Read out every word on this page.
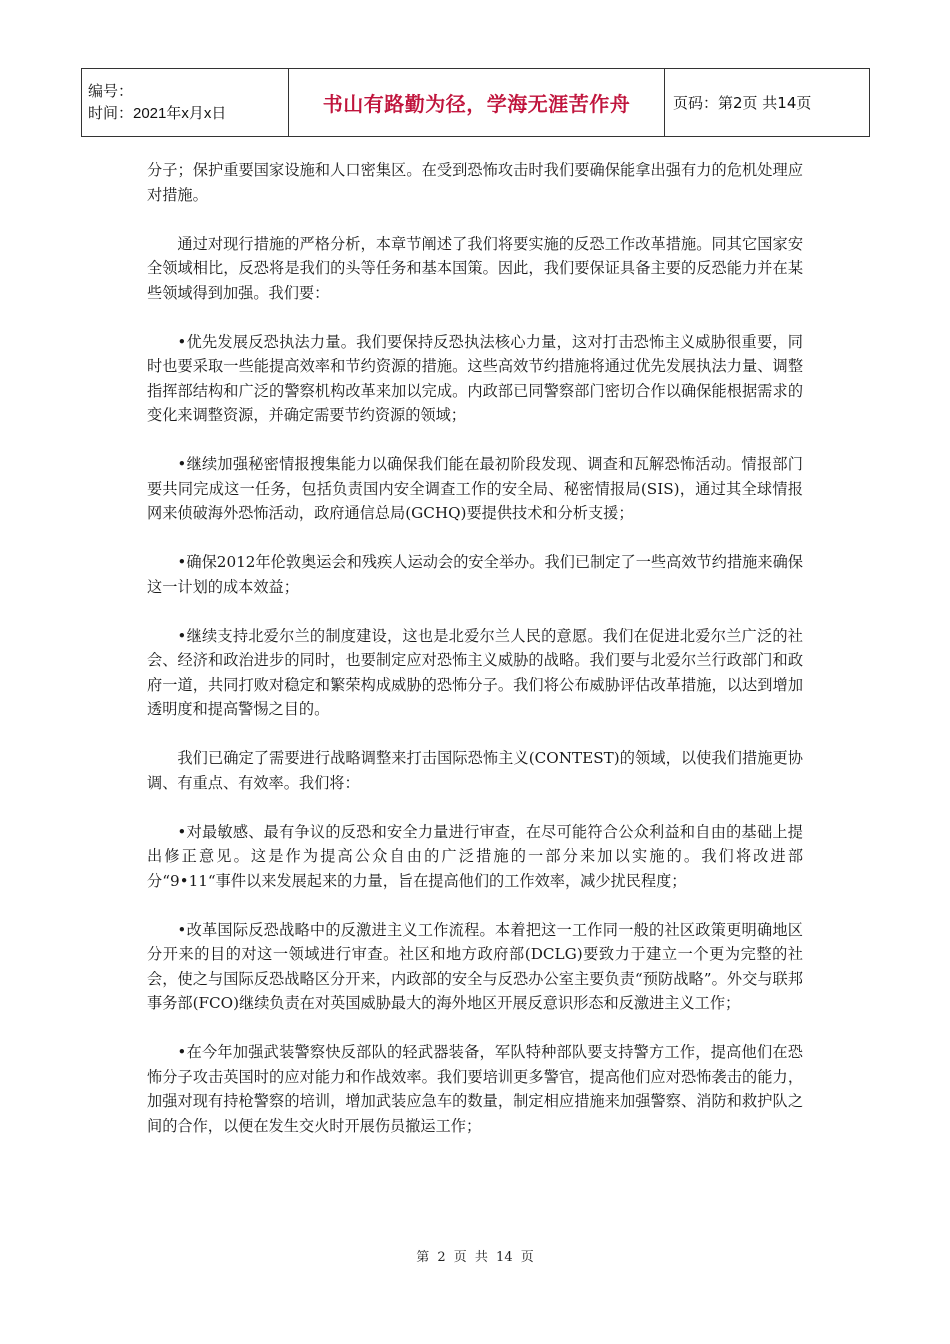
编号：
时间：2021年x月x日	书山有路勤为径，学海无涯苦作舟	页码：第2页 共14页

分子；保护重要国家设施和人口密集区。在受到恐怖攻击时我们要确保能拿出强有力的危机处理应对措施。

通过对现行措施的严格分析，本章节阐述了我们将要实施的反恐工作改革措施。同其它国家安全领域相比，反恐将是我们的头等任务和基本国策。因此，我们要保证具备主要的反恐能力并在某些领域得到加强。我们要：

•优先发展反恐执法力量。我们要保持反恐执法核心力量，这对打击恐怖主义威胁很重要，同时也要采取一些能提高效率和节约资源的措施。这些高效节约措施将通过优先发展执法力量、调整指挥部结构和广泛的警察机构改革来加以完成。内政部已同警察部门密切合作以确保能根据需求的变化来调整资源，并确定需要节约资源的领域；

•继续加强秘密情报搜集能力以确保我们能在最初阶段发现、调查和瓦解恐怖活动。情报部门要共同完成这一任务，包括负责国内安全调查工作的安全局、秘密情报局(SIS)，通过其全球情报网来侦破海外恐怖活动，政府通信总局(GCHQ)要提供技术和分析支援；

•确保2012年伦敦奥运会和残疾人运动会的安全举办。我们已制定了一些高效节约措施来确保这一计划的成本效益；

•继续支持北爱尔兰的制度建设，这也是北爱尔兰人民的意愿。我们在促进北爱尔兰广泛的社会、经济和政治进步的同时，也要制定应对恐怖主义威胁的战略。我们要与北爱尔兰行政部门和政府一道，共同打败对稳定和繁荣构成威胁的恐怖分子。我们将公布威胁评估改革措施，以达到增加透明度和提高警惕之目的。

我们已确定了需要进行战略调整来打击国际恐怖主义(CONTEST)的领域，以使我们措施更协调、有重点、有效率。我们将：

•对最敏感、最有争议的反恐和安全力量进行审查，在尽可能符合公众利益和自由的基础上提出修正意见。这是作为提高公众自由的广泛措施的一部分来加以实施的。我们将改进部分“9•11“事件以来发展起来的力量，旨在提高他们的工作效率，减少扰民程度；

•改革国际反恐战略中的反激进主义工作流程。本着把这一工作同一般的社区政策更明确地区分开来的目的对这一领域进行审查。社区和地方政府部(DCLG)要致力于建立一个更为完整的社会，使之与国际反恐战略区分开来，内政部的安全与反恐办公室主要负责“预防战略”。外交与联邦事务部(FCO)继续负责在对英国威胁最大的海外地区开展反意识形态和反激进主义工作；

•在今年加强武装警察快反部队的轻武器装备，军队特种部队要支持警方工作，提高他们在恐怖分子攻击英国时的应对能力和作战效率。我们要培训更多警官，提高他们应对恐怖袭击的能力，加强对现有持枪警察的培训，增加武装应急车的数量，制定相应措施来加强警察、消防和救护队之间的合作，以便在发生交火时开展伤员撤运工作；

第 2 页 共 14 页
